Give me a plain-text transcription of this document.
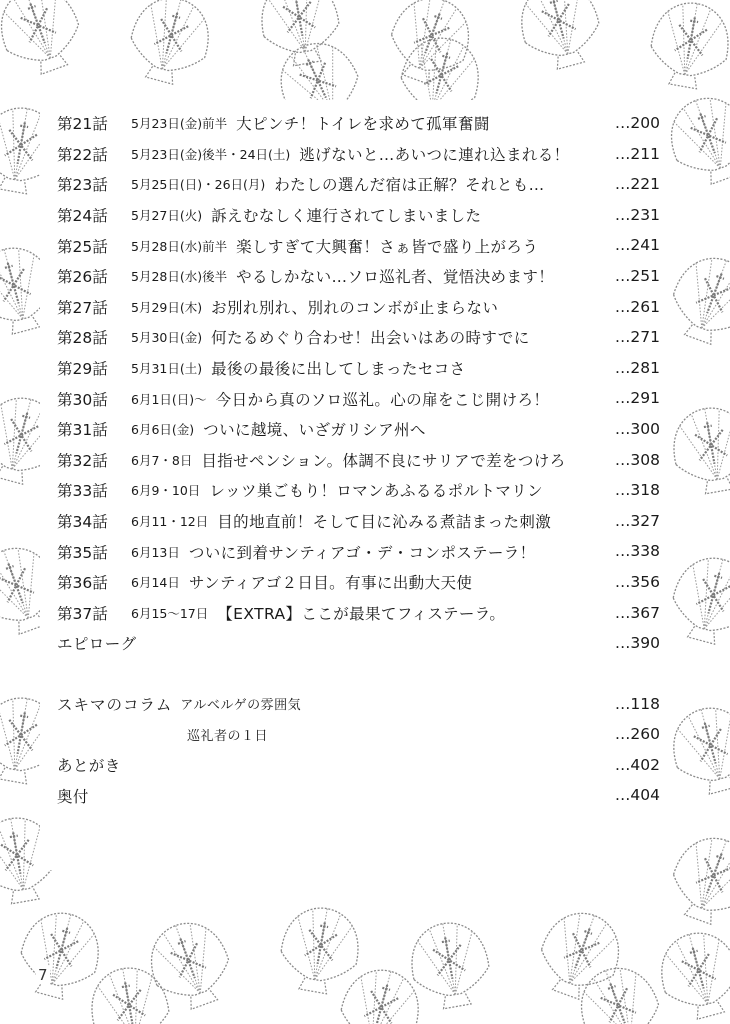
第21話	5月23日(金)前半 大ピンチ！トイレを求めて孤軍奮闘	…200
第22話	5月23日(金)後半・24日(土) 逃げないと…あいつに連れ込まれる！	…211
第23話	5月25日(日)・26日(月) わたしの選んだ宿は正解？それとも…	…221
第24話	5月27日(火) 訴えむなしく連行されてしまいました	…231
第25話	5月28日(水)前半 楽しすぎて大興奮！さぁ皆で盛り上がろう	…241
第26話	5月28日(水)後半 やるしかない…ソロ巡礼者、覚悟決めます！	…251
第27話	5月29日(木) お別れ別れ、別れのコンボが止まらない	…261
第28話	5月30日(金) 何たるめぐり合わせ！出会いはあの時すでに	…271
第29話	5月31日(土) 最後の最後に出してしまったセコさ	…281
第30話	6月1日(日)〜 今日から真のソロ巡礼。心の扉をこじ開けろ！	…291
第31話	6月6日(金) ついに越境、いざガリシア州へ	…300
第32話	6月7・8日 目指せペンション。体調不良にサリアで差をつけろ	…308
第33話	6月9・10日 レッツ巣ごもり！ロマンあふるるポルトマリン	…318
第34話	6月11・12日 目的地直前！そして目に沁みる煮詰まった刺激	…327
第35話	6月13日 ついに到着サンティアゴ・デ・コンポステーラ！	…338
第36話	6月14日 サンティアゴ２日目。有事に出動大天使	…356
第37話	6月15〜17日 【EXTRA】ここが最果てフィステーラ。	…367
エピローグ	…390
スキマのコラム アルベルゲの雰囲気	…118
巡礼者の１日	…260
あとがき	…402
奥付	…404
7
